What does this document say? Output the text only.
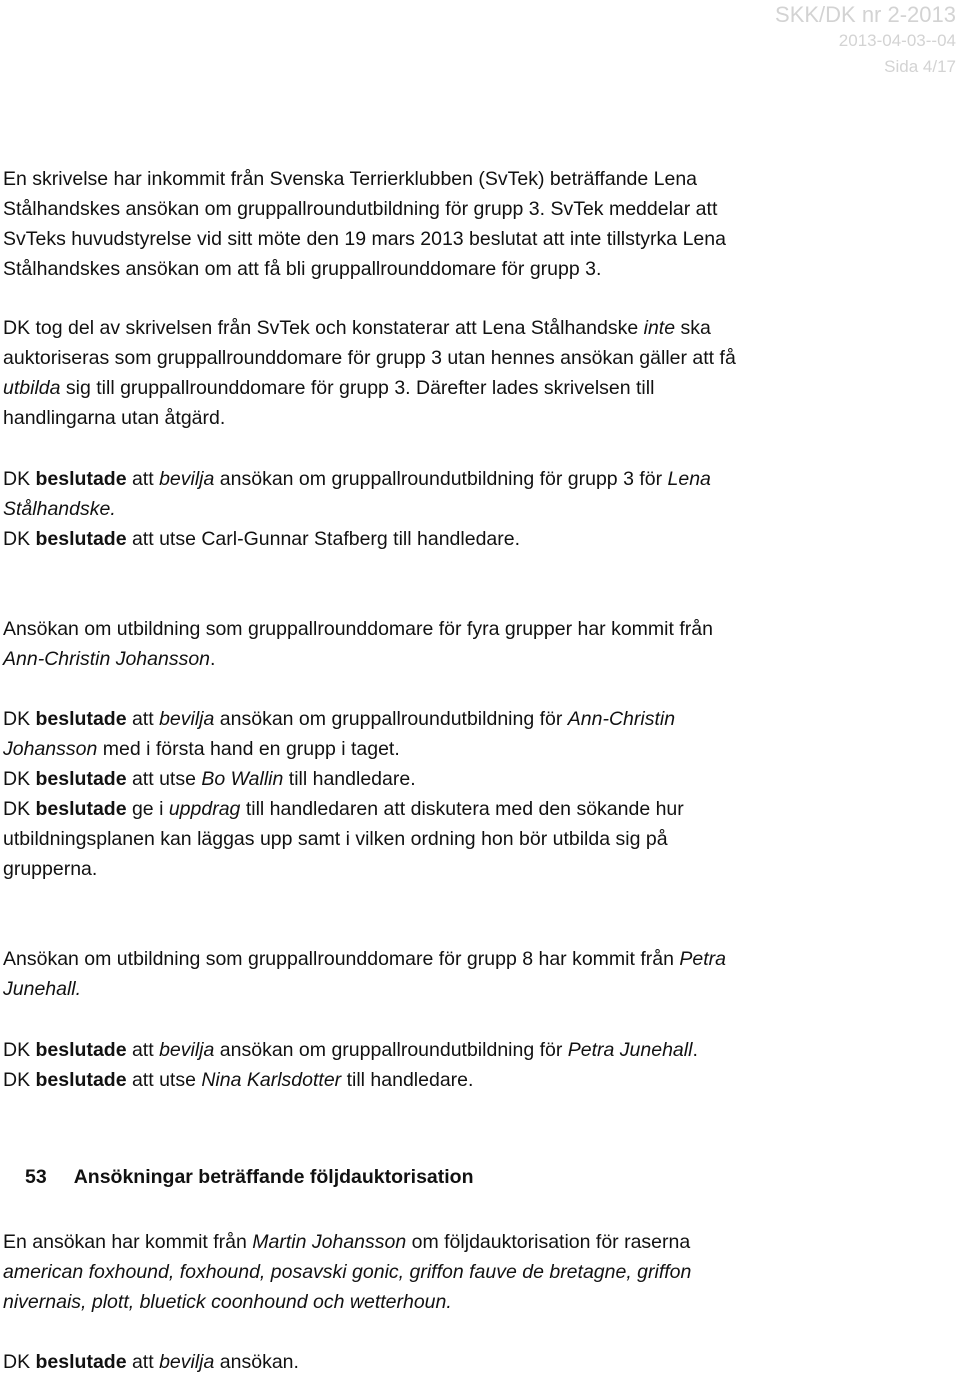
SKK/DK nr 2-2013
2013-04-03--04
Sida 4/17
En skrivelse har inkommit från Svenska Terrierklubben (SvTek) beträffande Lena
Stålhandskes ansökan om gruppallroundutbildning för grupp 3. SvTek meddelar att
SvTeks huvudstyrelse vid sitt möte den 19 mars 2013 beslutat att inte tillstyrka Lena
Stålhandskes ansökan om att få bli gruppallrounddomare för grupp 3.
DK tog del av skrivelsen från SvTek och konstaterar att Lena Stålhandske inte ska
auktoriseras som gruppallrounddomare för grupp 3 utan hennes ansökan gäller att få
utbilda sig till gruppallrounddomare för grupp 3. Därefter lades skrivelsen till
handlingarna utan åtgärd.
DK beslutade att bevilja ansökan om gruppallroundutbildning för grupp 3 för Lena
Stålhandske.
DK beslutade att utse Carl-Gunnar Stafberg till handledare.
Ansökan om utbildning som gruppallrounddomare för fyra grupper har kommit från
Ann-Christin Johansson.
DK beslutade att bevilja ansökan om gruppallroundutbildning för Ann-Christin
Johansson med i första hand en grupp i taget.
DK beslutade att utse Bo Wallin till handledare.
DK beslutade ge i uppdrag till handledaren att diskutera med den sökande hur
utbildningsplanen kan läggas upp samt i vilken ordning hon bör utbilda sig på
grupperna.
Ansökan om utbildning som gruppallrounddomare för grupp 8 har kommit från Petra
Junehall.
DK beslutade att bevilja ansökan om gruppallroundutbildning för Petra Junehall.
DK beslutade att utse Nina Karlsdotter till handledare.
53 Ansökningar beträffande följdauktorisation
En ansökan har kommit från Martin Johansson om följdauktorisation för raserna
american foxhound, foxhound, posavski gonic, griffon fauve de bretagne, griffon
nivernais, plott, bluetick coonhound och wetterhoun.
DK beslutade att bevilja ansökan.
